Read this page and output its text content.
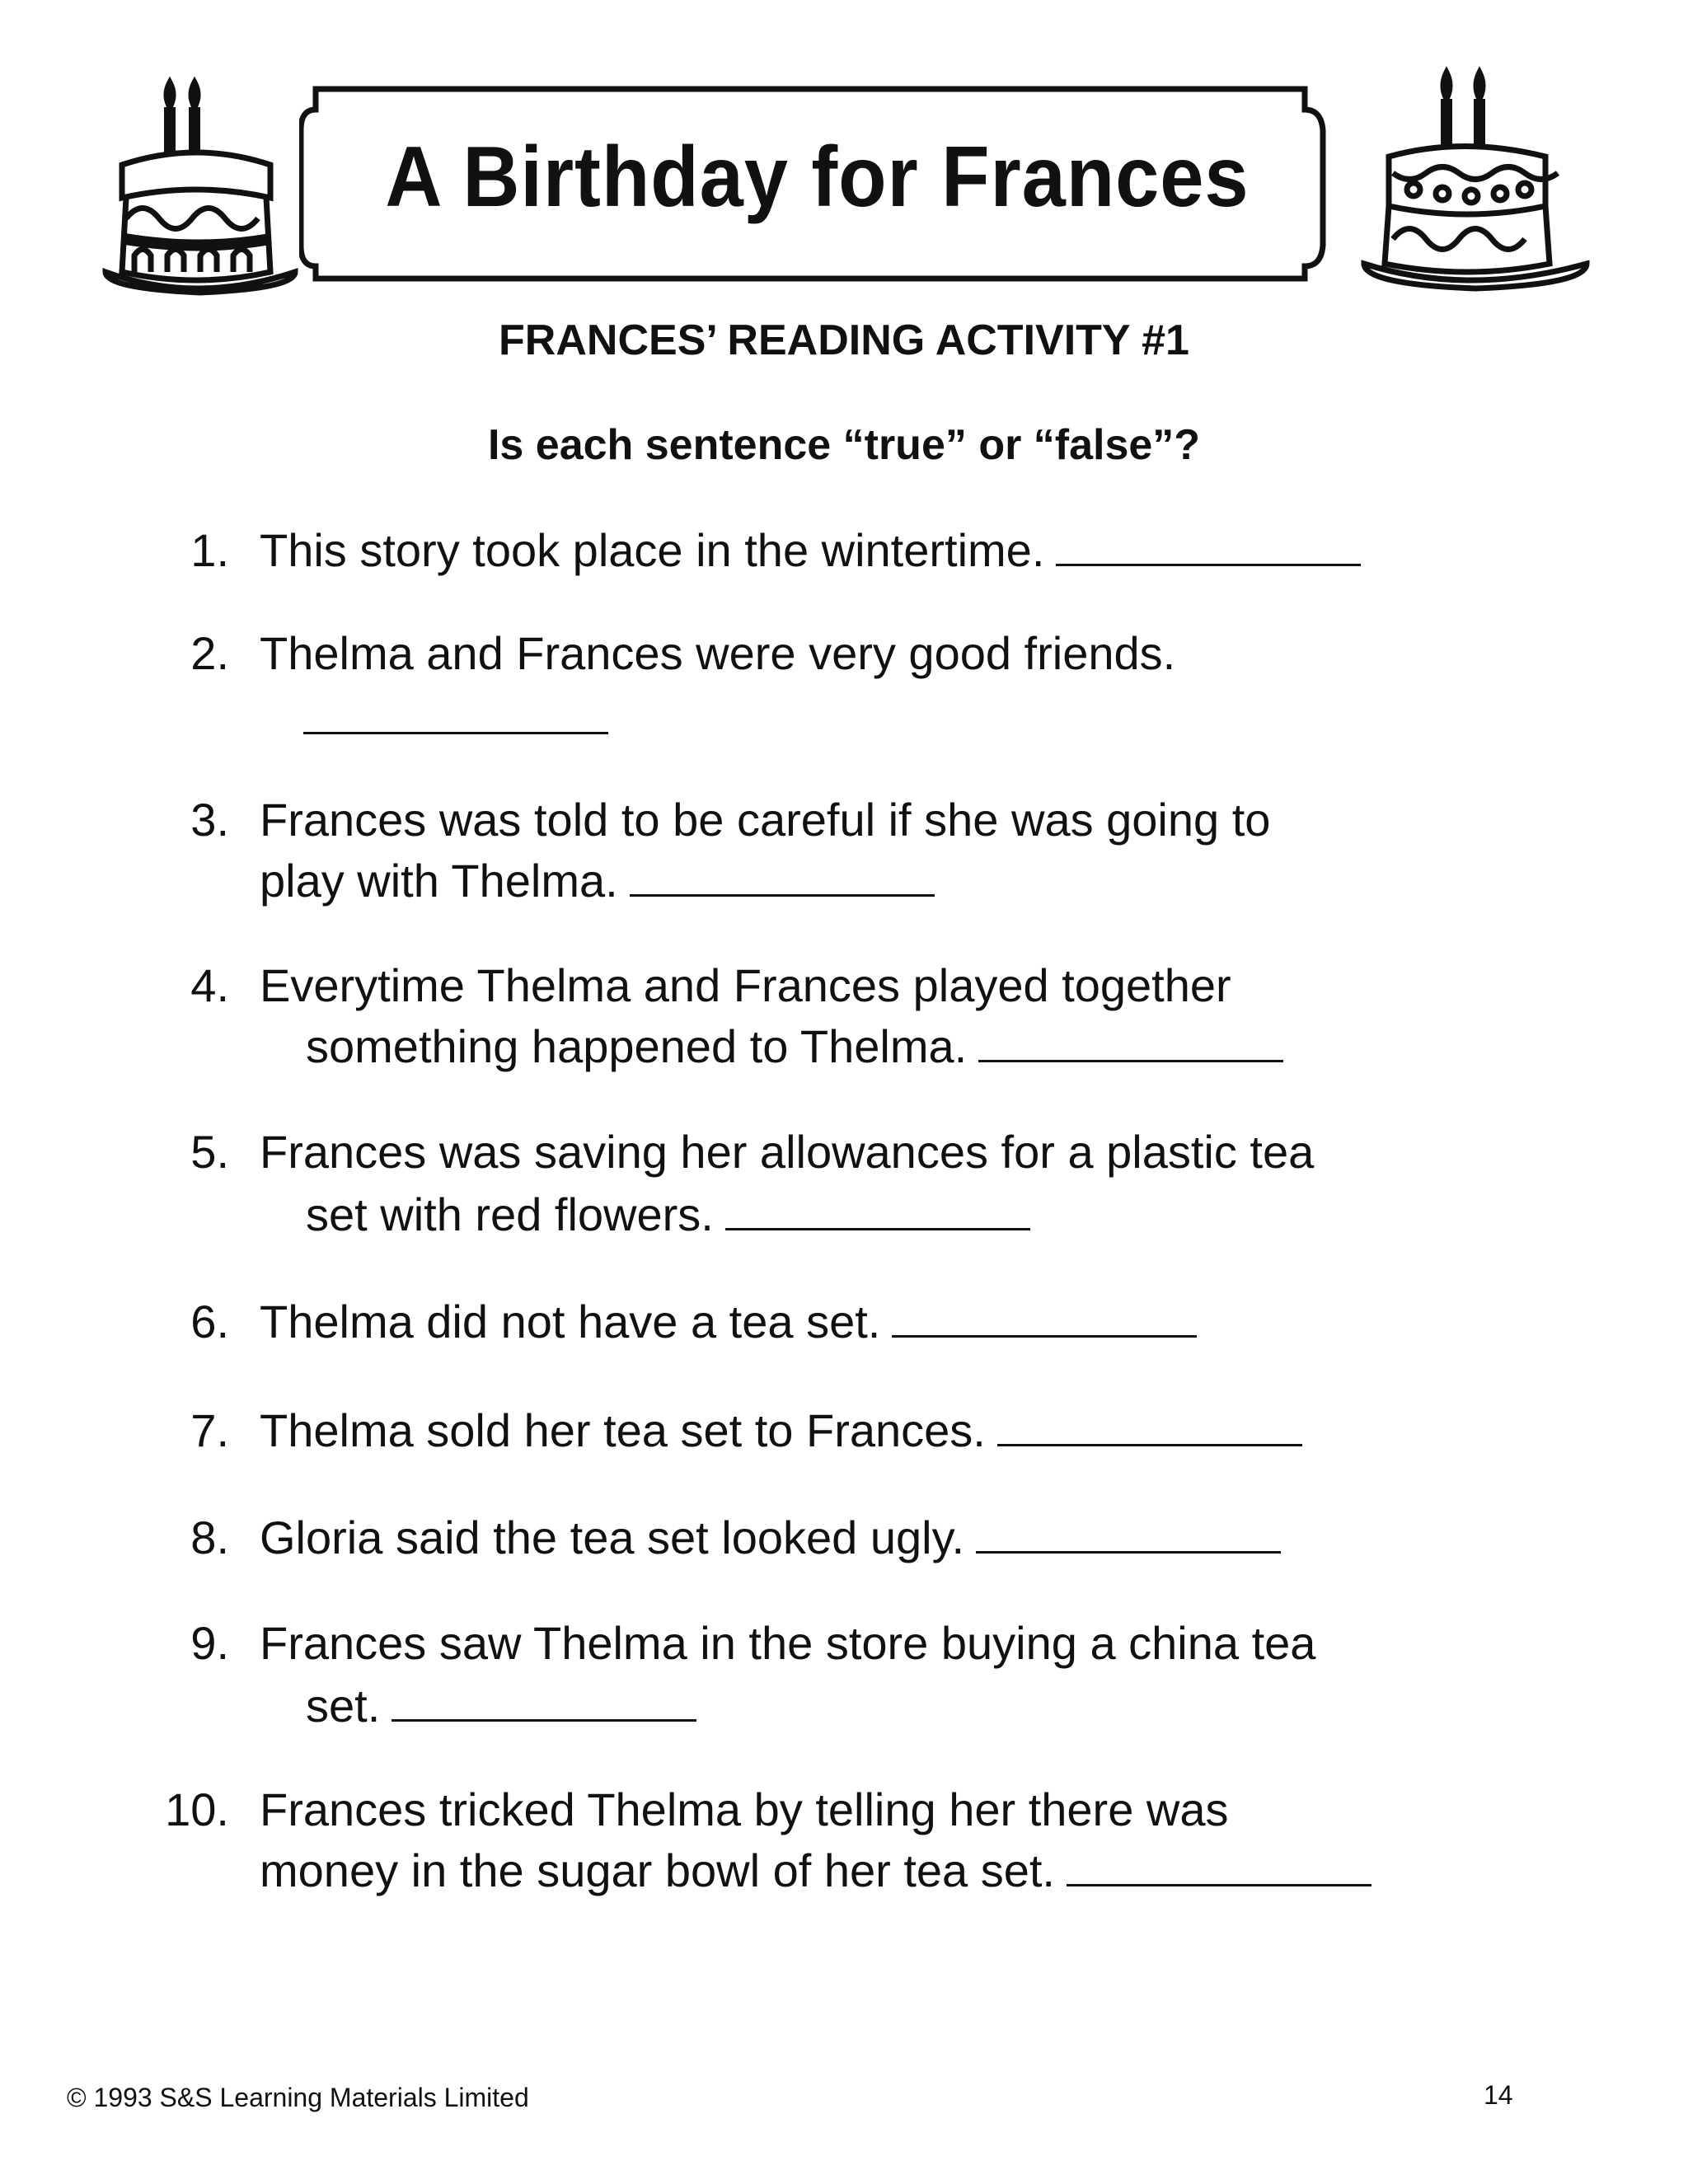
A Birthday for Frances
FRANCES’ READING ACTIVITY #1
Is each sentence “true” or “false”?
1. This story took place in the wintertime.
2. Thelma and Frances were very good friends.
3. Frances was told to be careful if she was going to
play with Thelma.
4. Everytime Thelma and Frances played together
something happened to Thelma.
5. Frances was saving her allowances for a plastic tea
set with red flowers.
6. Thelma did not have a tea set.
7. Thelma sold her tea set to Frances.
8. Gloria said the tea set looked ugly.
9. Frances saw Thelma in the store buying a china tea
set.
10. Frances tricked Thelma by telling her there was
money in the sugar bowl of her tea set.
© 1993 S&S Learning Materials Limited	14
